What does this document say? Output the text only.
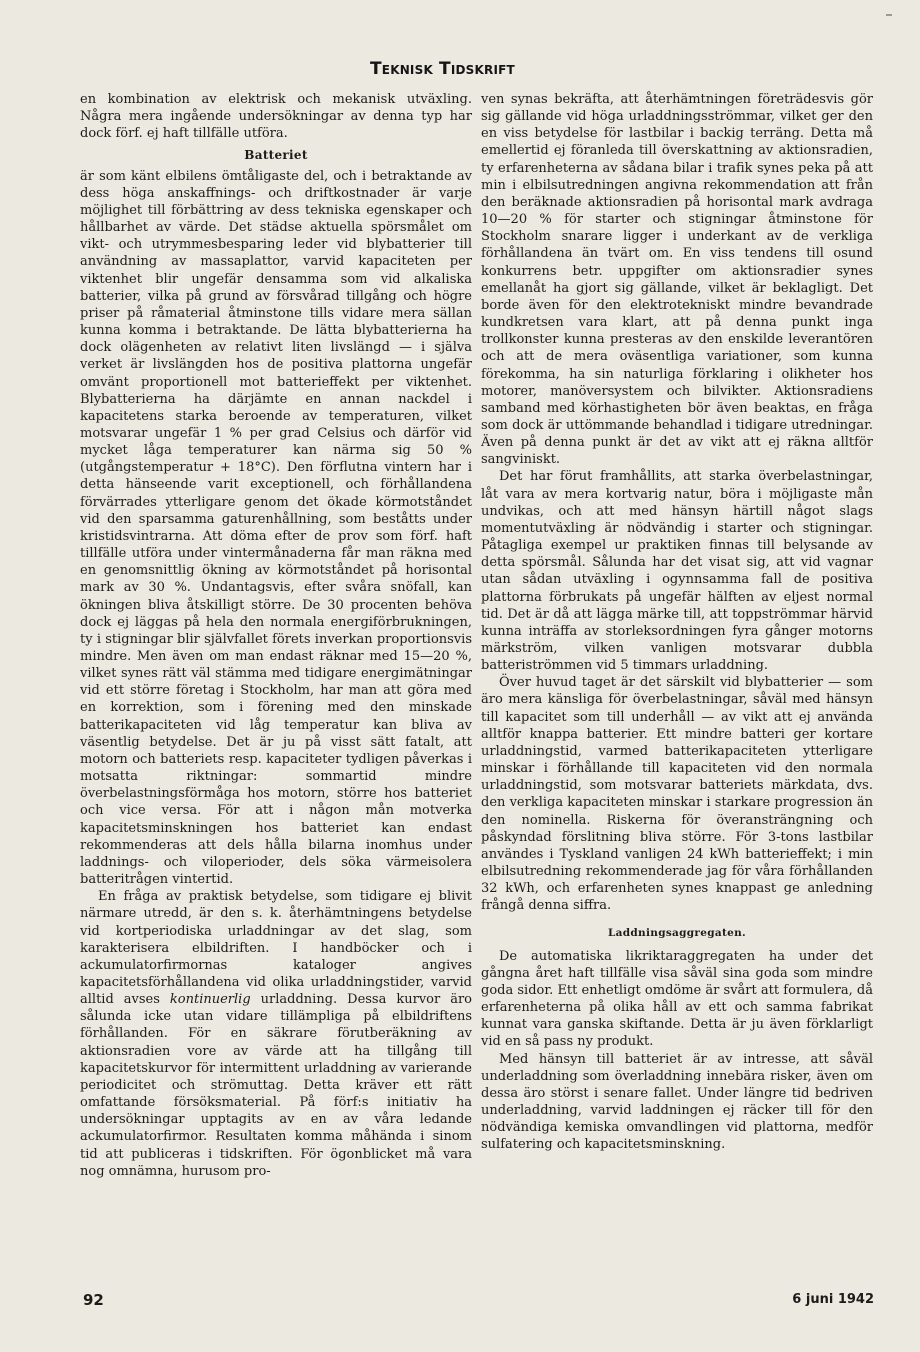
Teknisk Tidskrift

en kombination av elektrisk och mekanisk utväxling. Några mera ingående undersökningar av denna typ har dock förf. ej haft tillfälle utföra.

Batteriet

är som känt elbilens ömtåligaste del, och i betraktande av dess höga anskaffnings- och driftkostnader är varje möjlighet till förbättring av dess tekniska egenskaper och hållbarhet av värde. Det städse aktuella spörsmålet om vikt- och utrymmesbesparing leder vid blybatterier till användning av massaplattor, varvid kapaciteten per viktenhet blir ungefär densamma som vid alkaliska batterier, vilka på grund av försvårad tillgång och högre priser på råmaterial åtminstone tills vidare mera sällan kunna komma i betraktande. De lätta blybatterierna ha dock olägenheten av relativt liten livslängd — i själva verket är livslängden hos de positiva plattorna ungefär omvänt proportionell mot batterieffekt per viktenhet. Blybatterierna ha därjämte en annan nackdel i kapacitetens starka beroende av temperaturen, vilket motsvarar ungefär 1 % per grad Celsius och därför vid mycket låga temperaturer kan närma sig 50 % (utgångstemperatur + 18°C). Den förflutna vintern har i detta hänseende varit exceptionell, och förhållandena förvärrades ytterligare genom det ökade körmotståndet vid den sparsamma gaturenhållning, som beståtts under kristidsvintrarna. Att döma efter de prov som förf. haft tillfälle utföra under vintermånaderna får man räkna med en genomsnittlig ökning av körmotståndet på horisontal mark av 30 %. Undantagsvis, efter svåra snöfall, kan ökningen bliva åtskilligt större. De 30 procenten behöva dock ej läggas på hela den normala energiförbrukningen, ty i stigningar blir självfallet förets inverkan proportionsvis mindre. Men även om man endast räknar med 15—20 %, vilket synes rätt väl stämma med tidigare energimätningar vid ett större företag i Stockholm, har man att göra med en korrektion, som i förening med den minskade batterikapaciteten vid låg temperatur kan bliva av väsentlig betydelse. Det är ju på visst sätt fatalt, att motorn och batteriets resp. kapaciteter tydligen påverkas i motsatta riktningar: sommartid mindre överbelastningsförmåga hos motorn, större hos batteriet och vice versa. För att i någon mån motverka kapacitetsminskningen hos batteriet kan endast rekommenderas att dels hålla bilarna inomhus under laddnings- och viloperioder, dels söka värmeisolera batteritrågen vintertid.

En fråga av praktisk betydelse, som tidigare ej blivit närmare utredd, är den s. k. återhämtningens betydelse vid kortperiodiska urladdningar av det slag, som karakterisera elbildriften. I handböcker och i ackumulatorfirmornas kataloger angives kapacitetsförhållandena vid olika urladdningstider, varvid alltid avses kontinuerlig urladdning. Dessa kurvor äro sålunda icke utan vidare tillämpliga på elbildriftens förhållanden. För en säkrare förutberäkning av aktionsradien vore av värde att ha tillgång till kapacitetskurvor för intermittent urladdning av varierande periodicitet och strömuttag. Detta kräver ett rätt omfattande försöksmaterial. På förf:s initiativ ha undersökningar upptagits av en av våra ledande ackumulatorfirmor. Resultaten komma måhända i sinom tid att publiceras i tidskriften. För ögonblicket må vara nog omnämna, hurusom pro-

ven synas bekräfta, att återhämtningen företrädesvis gör sig gällande vid höga urladdningsströmmar, vilket ger den en viss betydelse för lastbilar i backig terräng. Detta må emellertid ej föranleda till överskattning av aktionsradien, ty erfarenheterna av sådana bilar i trafik synes peka på att min i elbilsutredningen angivna rekommendation att från den beräknade aktionsradien på horisontal mark avdraga 10—20 % för starter och stigningar åtminstone för Stockholm snarare ligger i underkant av de verkliga förhållandena än tvärt om. En viss tendens till osund konkurrens betr. uppgifter om aktionsradier synes emellanåt ha gjort sig gällande, vilket är beklagligt. Det borde även för den elektrotekniskt mindre bevandrade kundkretsen vara klart, att på denna punkt inga trollkonster kunna presteras av den enskilde leverantören och att de mera oväsentliga variationer, som kunna förekomma, ha sin naturliga förklaring i olikheter hos motorer, manöversystem och bilvikter. Aktionsradiens samband med körhastigheten bör även beaktas, en fråga som dock är uttömmande behandlad i tidigare utredningar. Även på denna punkt är det av vikt att ej räkna alltför sangviniskt.

Det har förut framhållits, att starka överbelastningar, låt vara av mera kortvarig natur, böra i möjligaste mån undvikas, och att med hänsyn härtill något slags momentutväxling är nödvändig i starter och stigningar. Påtagliga exempel ur praktiken finnas till belysande av detta spörsmål. Sålunda har det visat sig, att vid vagnar utan sådan utväxling i ogynnsamma fall de positiva plattorna förbrukats på ungefär hälften av eljest normal tid. Det är då att lägga märke till, att toppströmmar härvid kunna inträffa av storleksordningen fyra gånger motorns märkström, vilken vanligen motsvarar dubbla batteriströmmen vid 5 timmars urladdning.

Över huvud taget är det särskilt vid blybatterier — som äro mera känsliga för överbelastningar, såväl med hänsyn till kapacitet som till underhåll — av vikt att ej använda alltför knappa batterier. Ett mindre batteri ger kortare urladdningstid, varmed batterikapaciteten ytterligare minskar i förhållande till kapaciteten vid den normala urladdningstid, som motsvarar batteriets märkdata, dvs. den verkliga kapaciteten minskar i starkare progression än den nominella. Riskerna för överansträngning och påskyndad förslitning bliva större. För 3-tons lastbilar användes i Tyskland vanligen 24 kWh batterieffekt; i min elbilsutredning rekommenderade jag för våra förhållanden 32 kWh, och erfarenheten synes knappast ge anledning frångå denna siffra.

Laddningsaggregaten.

De automatiska likriktaraggregaten ha under det gångna året haft tillfälle visa såväl sina goda som mindre goda sidor. Ett enhetligt omdöme är svårt att formulera, då erfarenheterna på olika håll av ett och samma fabrikat kunnat vara ganska skiftande. Detta är ju även förklarligt vid en så pass ny produkt.

Med hänsyn till batteriet är av intresse, att såväl underladdning som överladdning innebära risker, även om dessa äro störst i senare fallet. Under längre tid bedriven underladdning, varvid laddningen ej räcker till för den nödvändiga kemiska omvandlingen vid plattorna, medför sulfatering och kapacitetsminskning.

92	6 juni 1942
